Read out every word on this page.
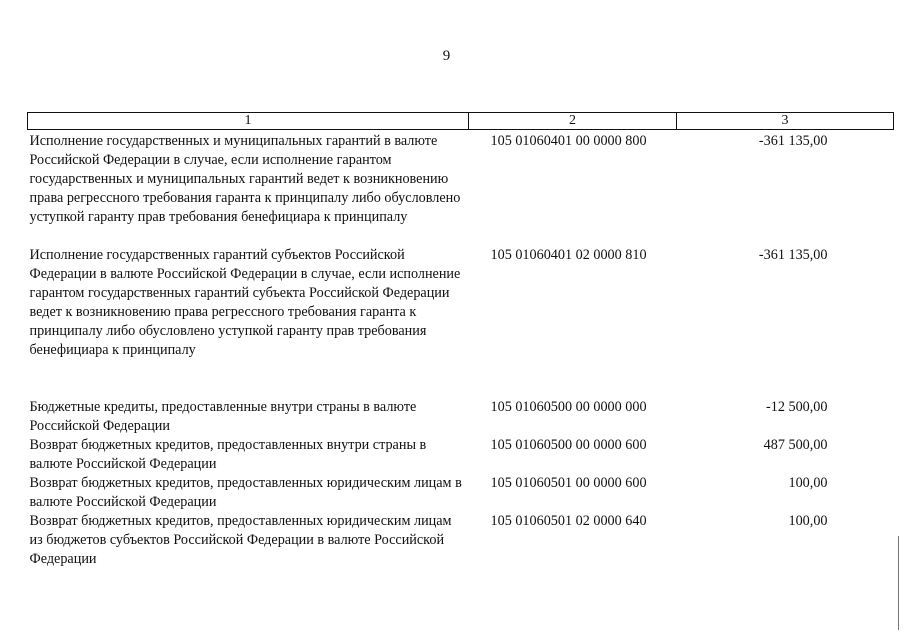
9
1	2	3
Исполнение государственных и муниципальных гарантий в валюте Российской Федерации в случае, если исполнение гарантом государственных и муниципальных гарантий ведет к возникновению права регрессного требования гаранта к принципалу либо обусловлено уступкой гаранту прав требования бенефициара к принципалу	105 01060401 00 0000 800	-361 135,00

Исполнение государственных гарантий субъектов Российской Федерации в валюте Российской Федерации в случае, если исполнение гарантом государственных гарантий субъекта Российской Федерации ведет к возникновению права регрессного требования гаранта к принципалу либо обусловлено уступкой гаранту прав требования бенефициара к принципалу	105 01060401 02 0000 810	-361 135,00

Бюджетные кредиты, предоставленные внутри страны в валюте Российской Федерации	105 01060500 00 0000 000	-12 500,00
Возврат бюджетных кредитов, предоставленных внутри страны в валюте Российской Федерации	105 01060500 00 0000 600	487 500,00
Возврат бюджетных кредитов, предоставленных юридическим лицам в валюте Российской Федерации	105 01060501 00 0000 600	100,00
Возврат бюджетных кредитов, предоставленных юридическим лицам из бюджетов субъектов Российской Федерации в валюте Российской Федерации	105 01060501 02 0000 640	100,00
